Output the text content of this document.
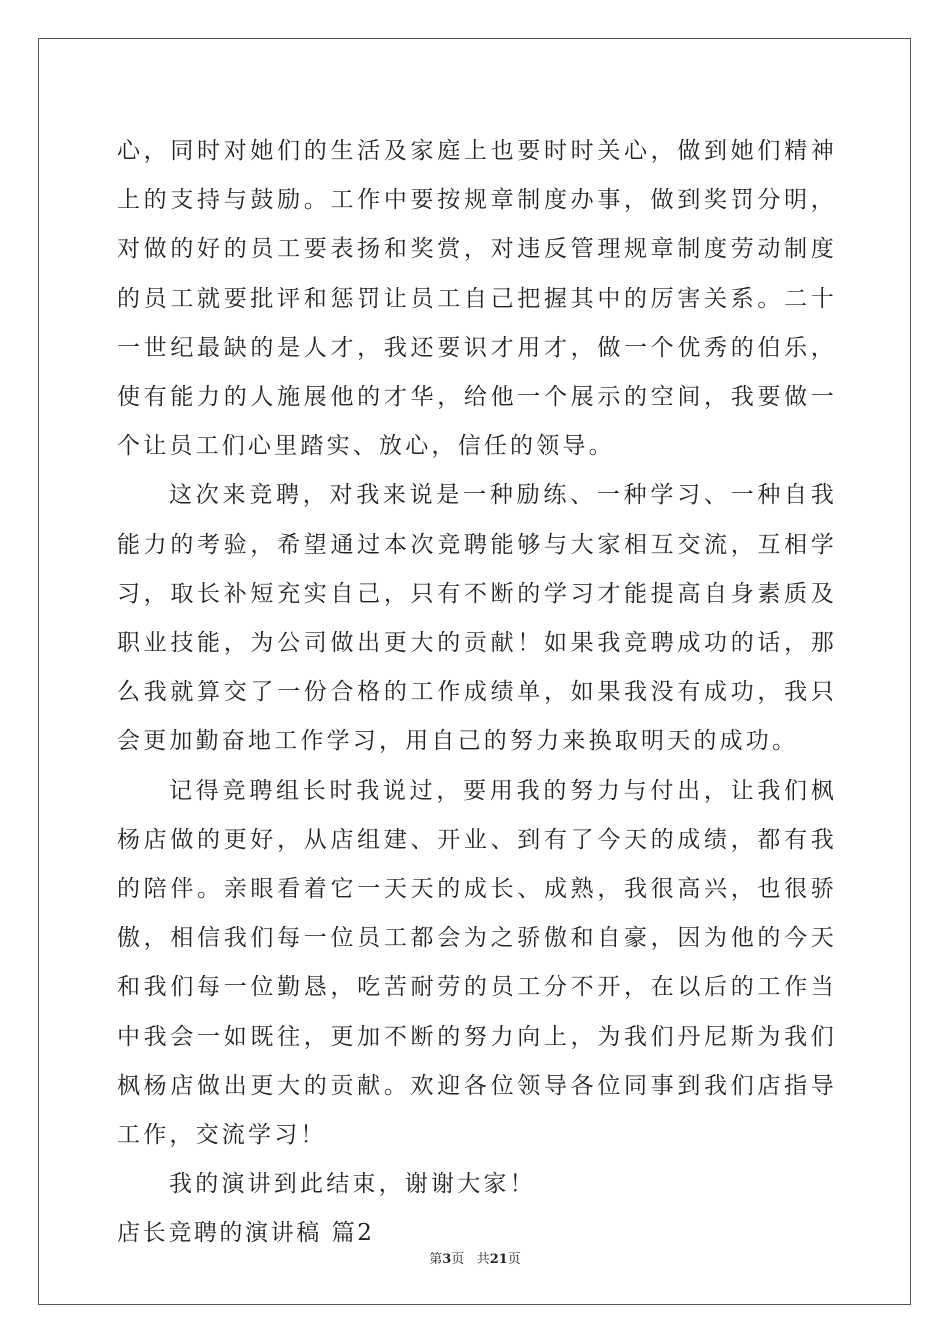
心，同时对她们的生活及家庭上也要时时关心，做到她们精神上的支持与鼓励。工作中要按规章制度办事，做到奖罚分明，对做的好的员工要表扬和奖赏，对违反管理规章制度劳动制度的员工就要批评和惩罚让员工自己把握其中的厉害关系。二十一世纪最缺的是人才，我还要识才用才，做一个优秀的伯乐，使有能力的人施展他的才华，给他一个展示的空间，我要做一个让员工们心里踏实、放心，信任的领导。

这次来竞聘，对我来说是一种励练、一种学习、一种自我能力的考验，希望通过本次竞聘能够与大家相互交流，互相学习，取长补短充实自己，只有不断的学习才能提高自身素质及职业技能，为公司做出更大的贡献！如果我竞聘成功的话，那么我就算交了一份合格的工作成绩单，如果我没有成功，我只会更加勤奋地工作学习，用自己的努力来换取明天的成功。

记得竞聘组长时我说过，要用我的努力与付出，让我们枫杨店做的更好，从店组建、开业、到有了今天的成绩，都有我的陪伴。亲眼看着它一天天的成长、成熟，我很高兴，也很骄傲，相信我们每一位员工都会为之骄傲和自豪，因为他的今天和我们每一位勤恳，吃苦耐劳的员工分不开，在以后的工作当中我会一如既往，更加不断的努力向上，为我们丹尼斯为我们枫杨店做出更大的贡献。欢迎各位领导各位同事到我们店指导工作，交流学习！

我的演讲到此结束，谢谢大家！

店长竞聘的演讲稿 篇2

第3页 共21页
